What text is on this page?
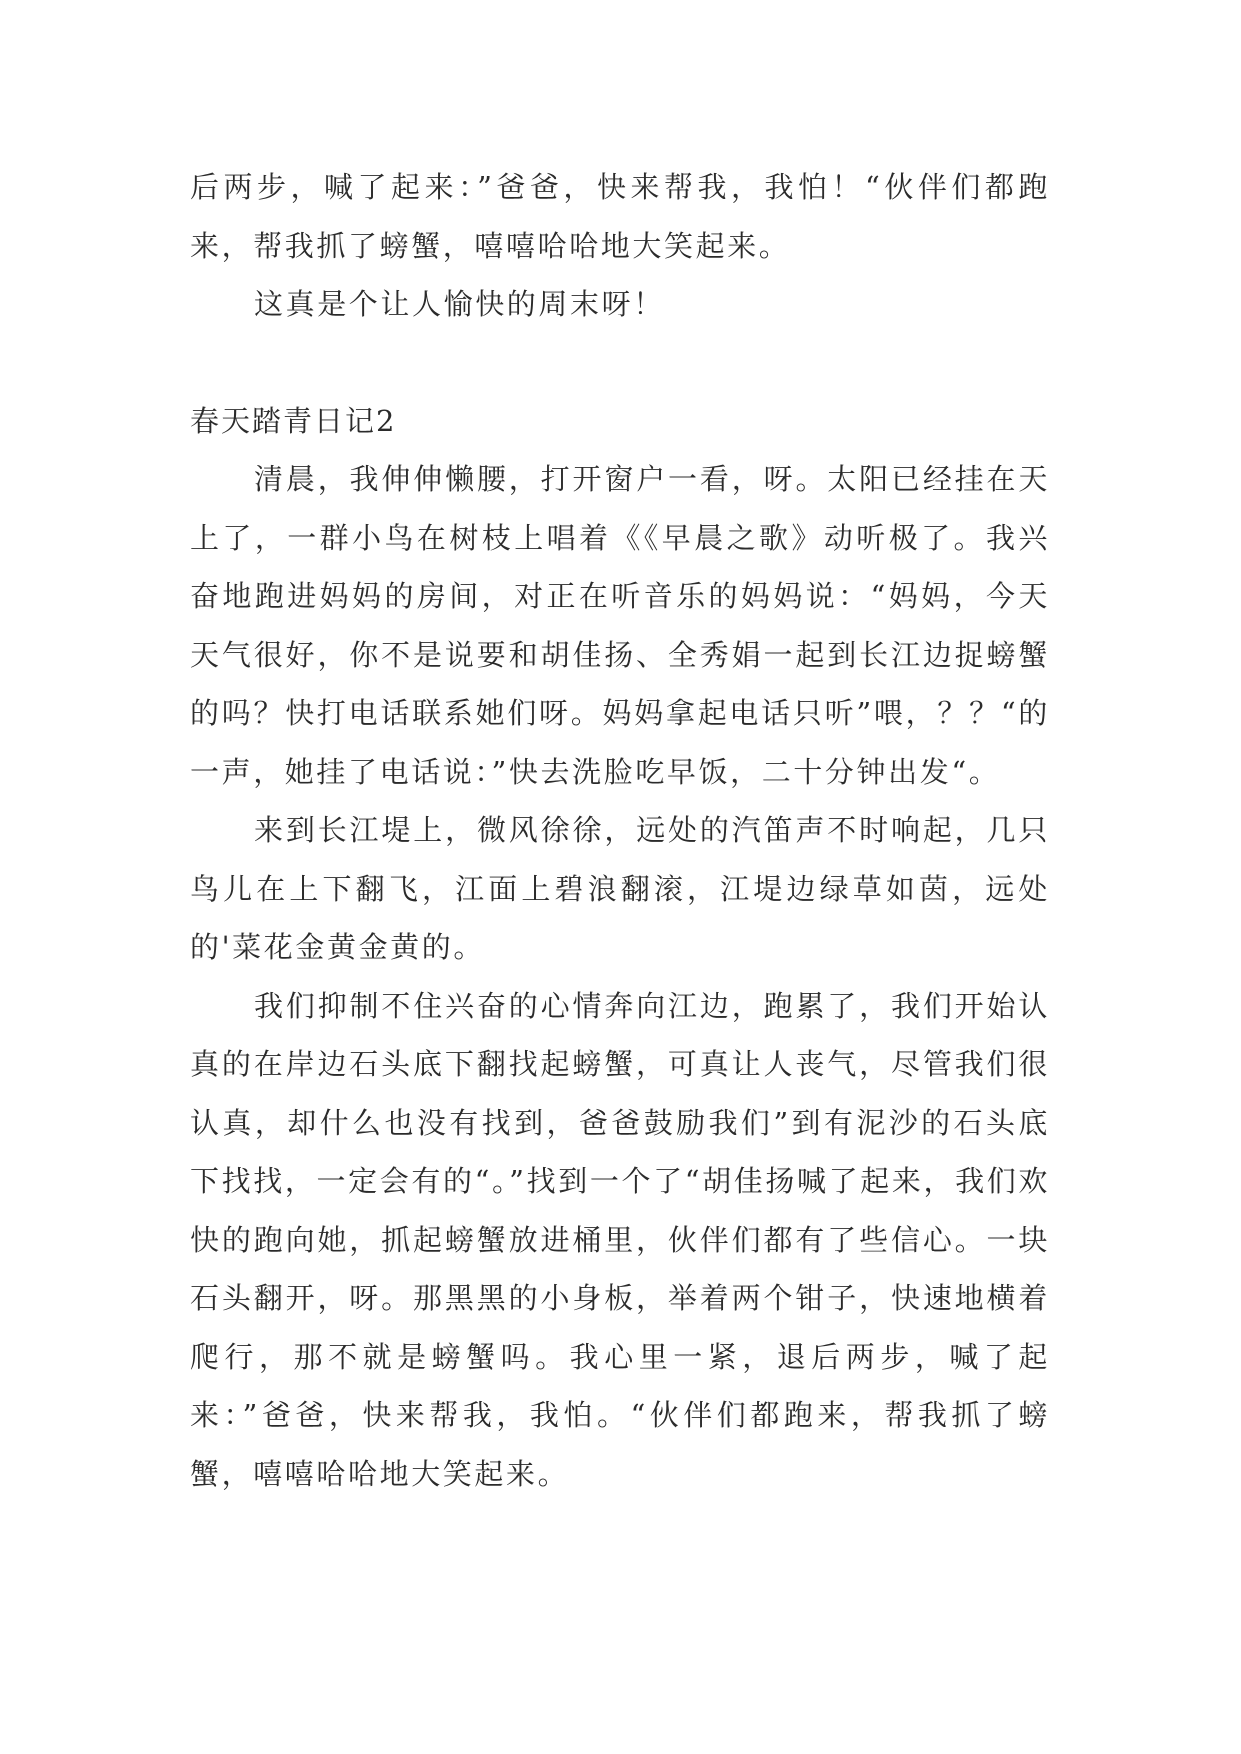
后两步，喊了起来：”爸爸，快来帮我，我怕！“伙伴们都跑来，帮我抓了螃蟹，嘻嘻哈哈地大笑起来。

这真是个让人愉快的周末呀！

春天踏青日记2

清晨，我伸伸懒腰，打开窗户一看，呀。太阳已经挂在天上了，一群小鸟在树枝上唱着《《早晨之歌》动听极了。我兴奋地跑进妈妈的房间，对正在听音乐的妈妈说：“妈妈，今天天气很好，你不是说要和胡佳扬、全秀娟一起到长江边捉螃蟹的吗？快打电话联系她们呀。妈妈拿起电话只听”喂，？？“的一声，她挂了电话说：”快去洗脸吃早饭，二十分钟出发“。

来到长江堤上，微风徐徐，远处的汽笛声不时响起，几只鸟儿在上下翻飞，江面上碧浪翻滚，江堤边绿草如茵，远处的'菜花金黄金黄的。

我们抑制不住兴奋的心情奔向江边，跑累了，我们开始认真的在岸边石头底下翻找起螃蟹，可真让人丧气，尽管我们很认真，却什么也没有找到，爸爸鼓励我们”到有泥沙的石头底下找找，一定会有的“。”找到一个了“胡佳扬喊了起来，我们欢快的跑向她，抓起螃蟹放进桶里，伙伴们都有了些信心。一块石头翻开，呀。那黑黑的小身板，举着两个钳子，快速地横着爬行，那不就是螃蟹吗。我心里一紧，退后两步，喊了起来：”爸爸，快来帮我，我怕。“伙伴们都跑来，帮我抓了螃蟹，嘻嘻哈哈地大笑起来。
